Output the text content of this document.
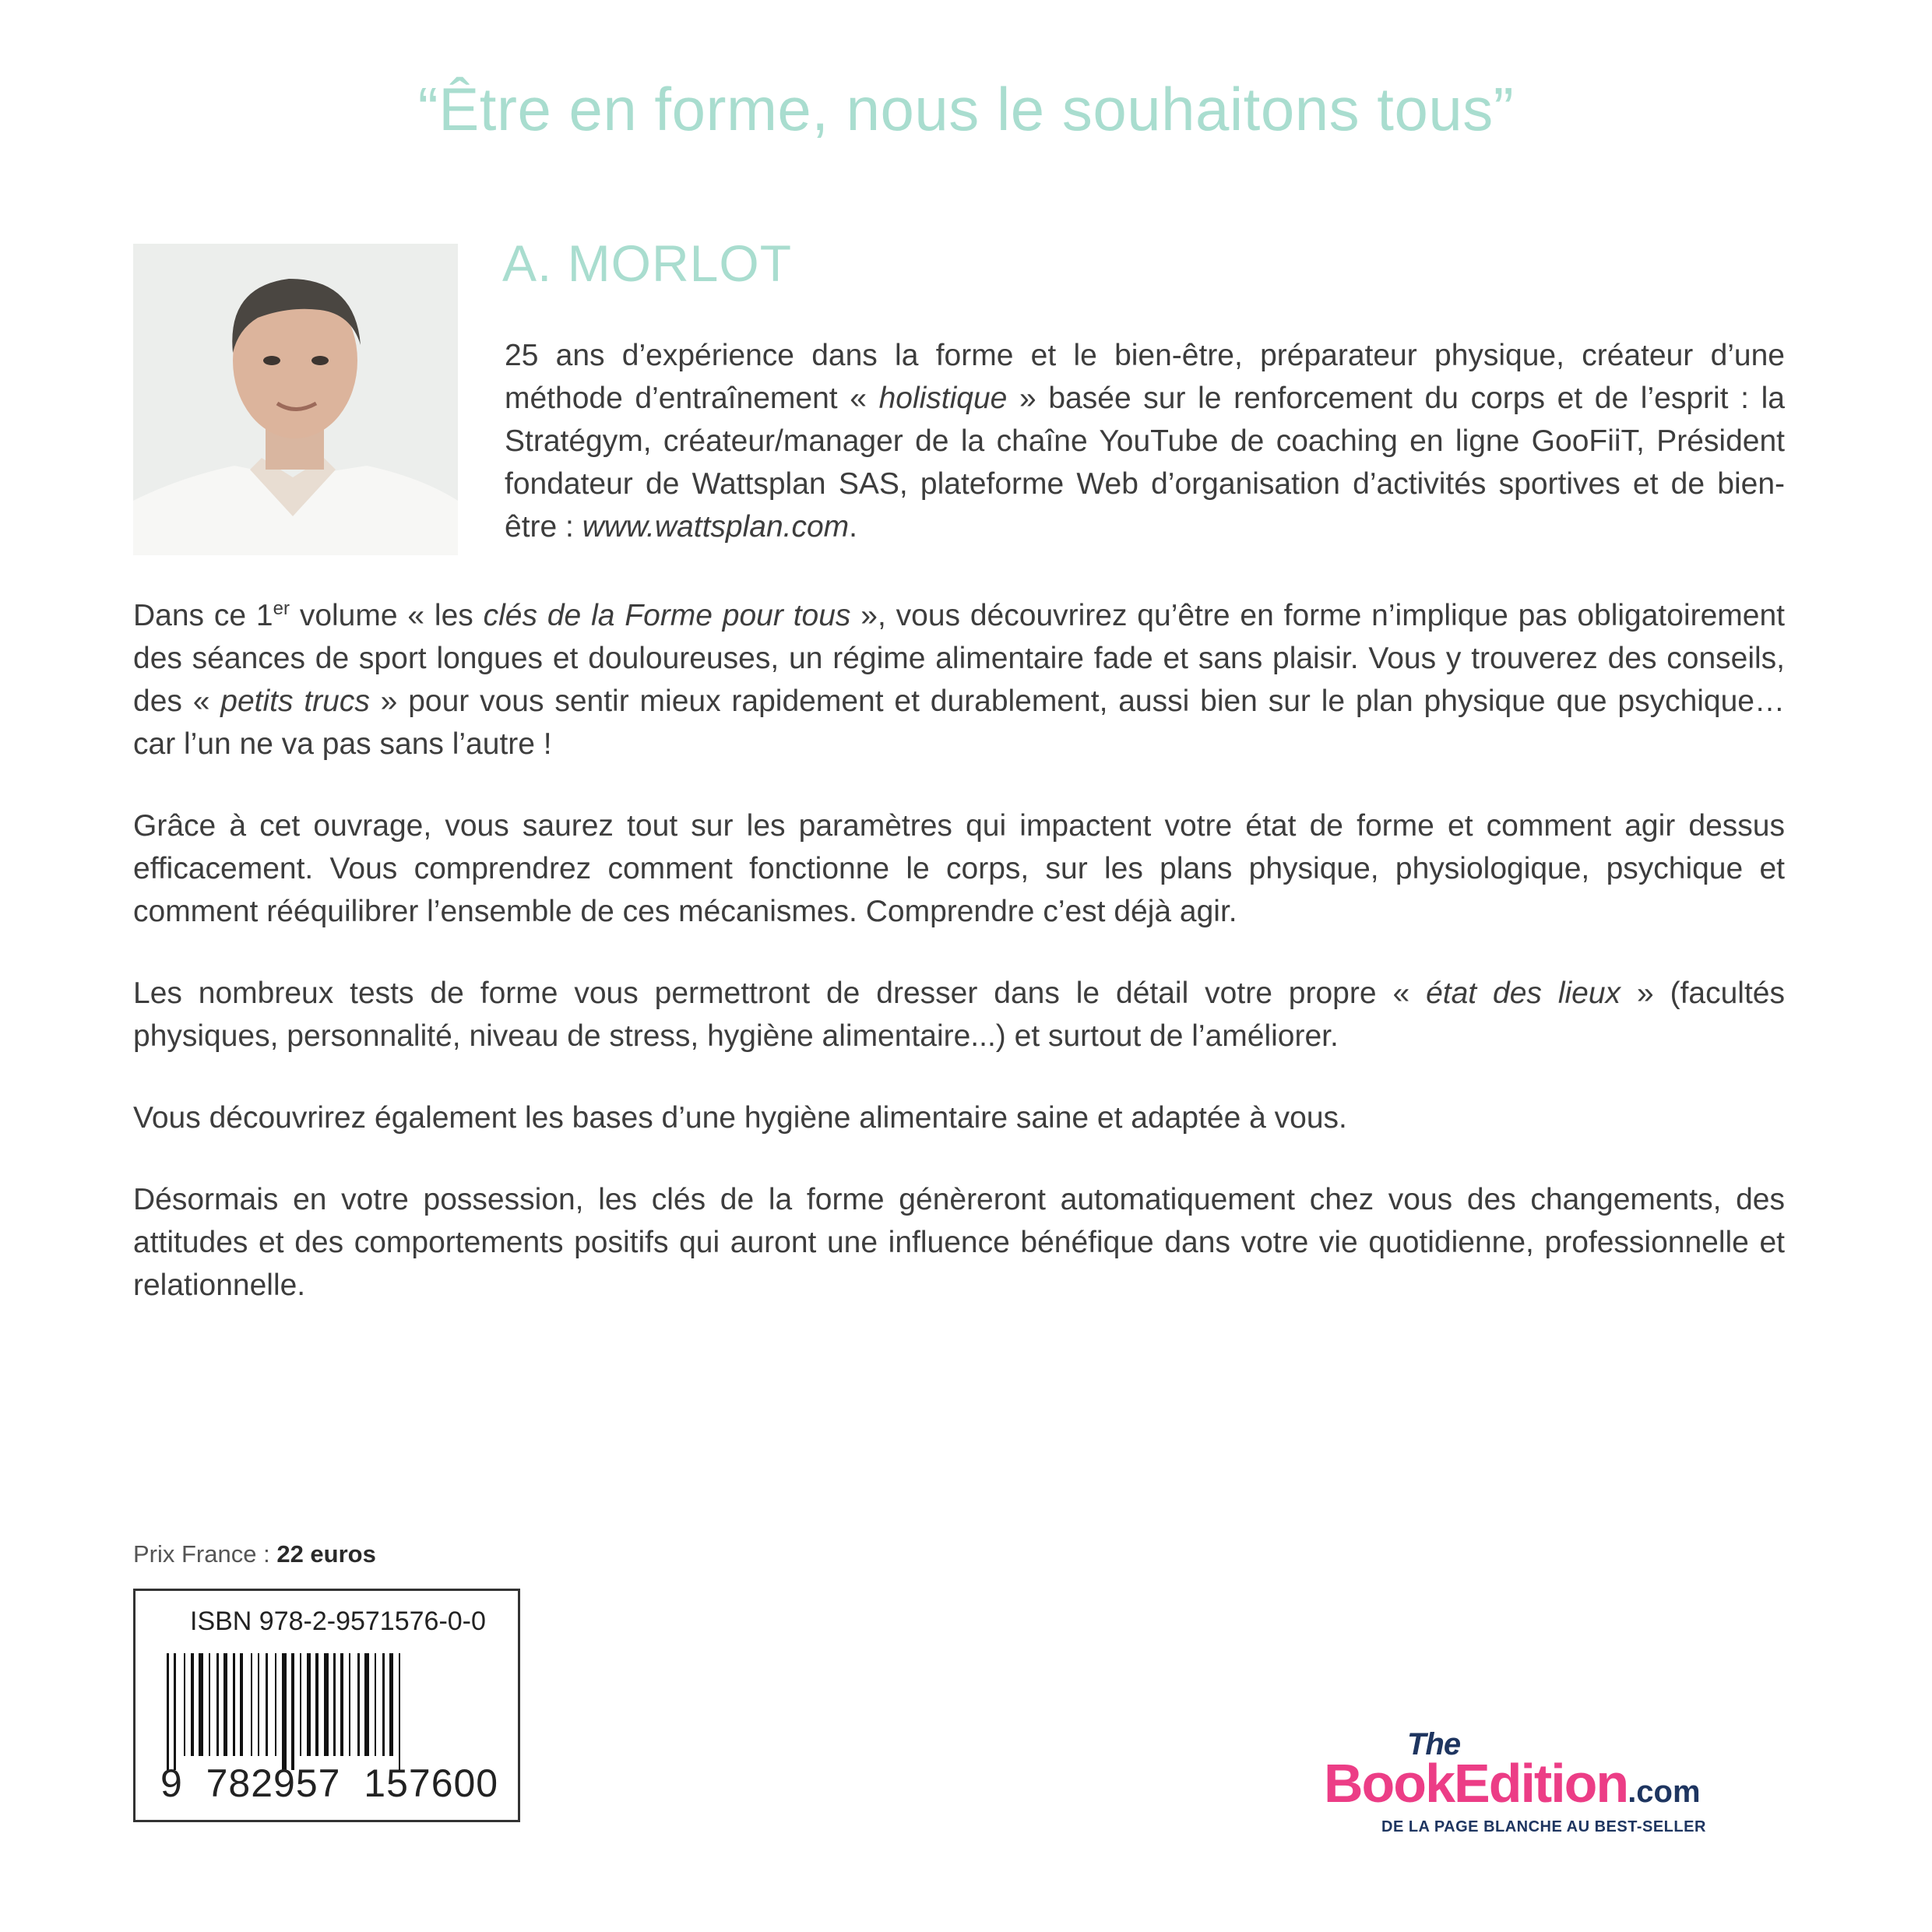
“Être en forme, nous le souhaitons tous”
A. MORLOT
25 ans d’expérience dans la forme et le bien-être, préparateur physique, créateur d’une méthode d’entraînement « holistique » basée sur le renforcement du corps et de l’esprit : la Stratégym, créateur/manager de la chaîne YouTube de coaching en ligne GooFiiT, Président fondateur de Wattsplan SAS, plateforme Web d’organisation d’activités sportives et de bien-être : www.wattsplan.com.

Dans ce 1er volume « les clés de la Forme pour tous », vous découvrirez qu’être en forme n’implique pas obligatoirement des séances de sport longues et douloureuses, un régime alimentaire fade et sans plaisir. Vous y trouverez des conseils, des « petits trucs » pour vous sentir mieux rapidement et durablement, aussi bien sur le plan physique que psychique… car l’un ne va pas sans l’autre !

Grâce à cet ouvrage, vous saurez tout sur les paramètres qui impactent votre état de forme et comment agir dessus efficacement. Vous comprendrez comment fonctionne le corps, sur les plans physique, physiologique, psychique et comment rééquilibrer l’ensemble de ces mécanismes. Comprendre c’est déjà agir.

Les nombreux tests de forme vous permettront de dresser dans le détail votre propre « état des lieux » (facultés physiques, personnalité, niveau de stress, hygiène alimentaire...) et surtout de l’améliorer.

Vous découvrirez également les bases d’une hygiène alimentaire saine et adaptée à vous.

Désormais en votre possession, les clés de la forme génèreront automatiquement chez vous des changements, des attitudes et des comportements positifs qui auront une influence bénéfique dans votre vie quotidienne, professionnelle et relationnelle.

Prix France : 22 euros
ISBN 978-2-9571576-0-0
9 782957 157600
The
BookEdition.com
DE LA PAGE BLANCHE AU BEST-SELLER
